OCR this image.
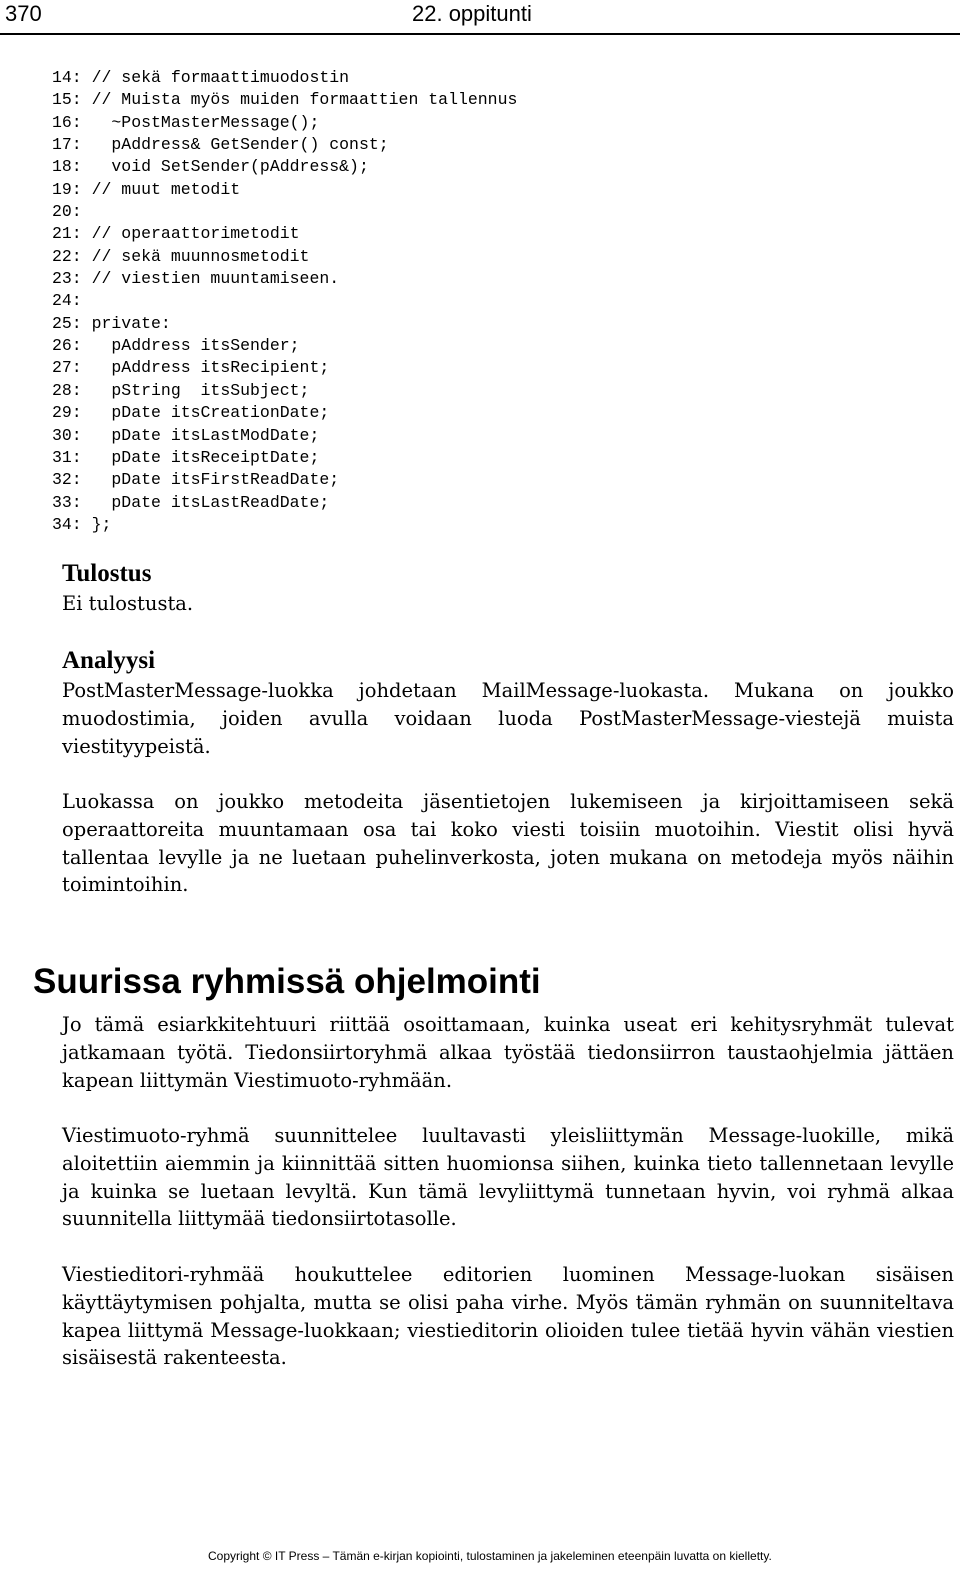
370	22. oppitunti
14: // sekä formaattimuodostin
15: // Muista myös muiden formaattien tallennus
16:   ~PostMasterMessage();
17:   pAddress& GetSender() const;
18:   void SetSender(pAddress&);
19: // muut metodit
20:
21: // operaattorimetodit
22: // sekä muunnosmetodit
23: // viestien muuntamiseen.
24:
25: private:
26:   pAddress itsSender;
27:   pAddress itsRecipient;
28:   pString  itsSubject;
29:   pDate itsCreationDate;
30:   pDate itsLastModDate;
31:   pDate itsReceiptDate;
32:   pDate itsFirstReadDate;
33:   pDate itsLastReadDate;
34: };
Tulostus
Ei tulostusta.
Analyysi

PostMasterMessage-luokka johdetaan MailMessage-luokasta. Mukana on joukko muodostimia, joiden avulla voidaan luoda PostMasterMessage-viestejä muista viestityypeistä.

Luokassa on joukko metodeita jäsentietojen lukemiseen ja kirjoittamiseen sekä operaattoreita muuntamaan osa tai koko viesti toisiin muotoihin. Viestit olisi hyvä tallentaa levylle ja ne luetaan puhelinverkosta, joten mukana on metodeja myös näihin toimintoihin.

Suurissa ryhmissä ohjelmointi

Jo tämä esiarkkitehtuuri riittää osoittamaan, kuinka useat eri kehitysryhmät tulevat jatkamaan työtä. Tiedonsiirtoryhmä alkaa työstää tiedonsiirron taustaohjelmia jättäen kapean liittymän Viestimuoto-ryhmään.

Viestimuoto-ryhmä suunnittelee luultavasti yleisliittymän Message-luokille, mikä aloitettiin aiemmin ja kiinnittää sitten huomionsa siihen, kuinka tieto tallennetaan levylle ja kuinka se luetaan levyltä. Kun tämä levyliittymä tunnetaan hyvin, voi ryhmä alkaa suunnitella liittymää tiedonsiirtotasolle.

Viestieditori-ryhmää houkuttelee editorien luominen Message-luokan sisäisen käyttäytymisen pohjalta, mutta se olisi paha virhe. Myös tämän ryhmän on suunniteltava kapea liittymä Message-luokkaan; viestieditorin olioiden tulee tietää hyvin vähän viestien sisäisestä rakenteesta.

Copyright © IT Press – Tämän e-kirjan kopiointi, tulostaminen ja jakeleminen eteenpäin luvatta on kielletty.
